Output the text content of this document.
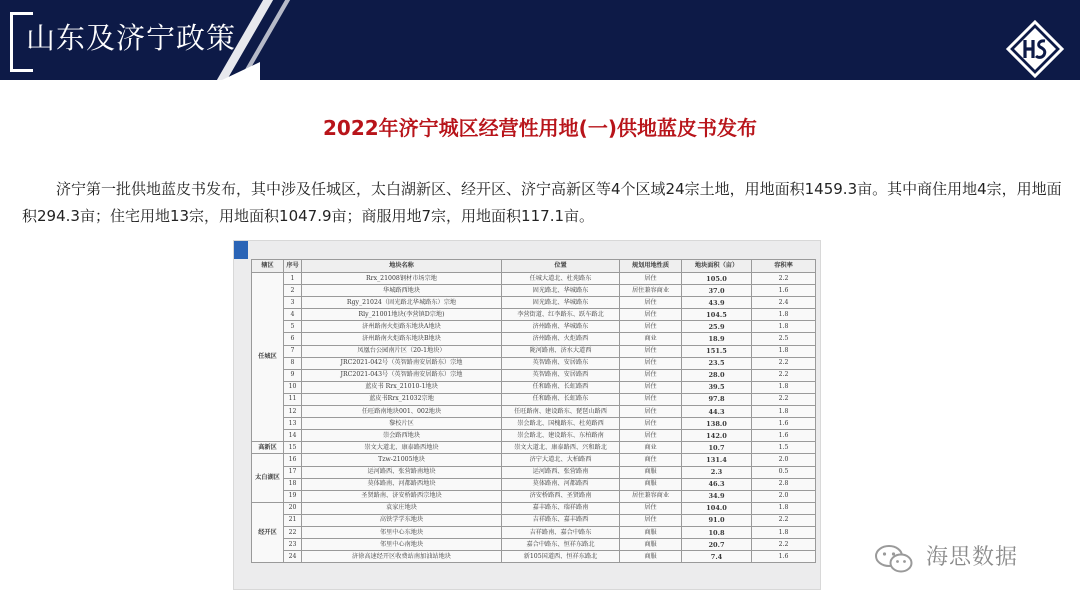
山东及济宁政策
2022年济宁城区经营性用地(一)供地蓝皮书发布
济宁第一批供地蓝皮书发布，其中涉及任城区，太白湖新区、经开区、济宁高新区等4个区域24宗土地，用地面积1459.3亩。其中商住用地4宗，用地面积294.3亩；住宅用地13宗，用地面积1047.9亩；商服用地7宗，用地面积117.1亩。
辖区	序号	地块名称	位置	规划用地性质	地块面积（亩）	容积率
任城区	1	Rrx_21008钢材市场宗地	任城大道北、杜苑路东	居住	105.0	2.2
	2	华城路西地块	固光路北、华城路东	居住兼容商业	37.0	1.6
	3	Rgy_21024（固光路北华城路东）宗地	固光路北、华城路东	居住	43.9	2.4
	4	Rly_21001地块(李营镇D宗地)	李营街道、红李路东、跃车路北	居住	104.5	1.8
	5	济州路南火炬路东地块A地块	济州路南、华城路东	居住	25.9	1.8
	6	济州路南火炬路东地块B地块	济州路南、火炬路西	商业	18.9	2.5
	7	凤凰台公园南片区（20-1地块）	陇河路南、济水大道西	居住	151.5	1.8
	8	JRC2021-042号（英智路南安居路东）宗地	英智路南、安居路东	居住	23.5	2.2
	9	JRC2021-043号（英智路南安居路东）宗地	英智路南、安居路西	居住	28.0	2.2
	10	蓝皮书 Rrx_21010-1地块	任和路南、长虹路西	居住	39.5	1.8
	11	蓝皮书Rrx_21032宗地	任和路南、长虹路东	居住	97.8	2.2
	12	任旺路南地块001、002地块	任旺路南、建设路东、琵琶山路西	居住	44.3	1.8
	13	黎校片区	崇会路北、国槐路东、杜苑路西	居住	138.0	1.6
	14	崇会路西地块	崇会路北、建设路东、东柏路南	居住	142.0	1.6
高新区	15	崇文大道北、康泰路西地块	崇文大道北、康泰路西、兴和路北	商业	10.7	1.5
太白湖区	16	Tzw-21005地块	济宁大道北、大柏路西	商住	131.4	2.0
	17	运河路西、张营路南地块	运河路西、张营路南	商服	2.3	0.5
	18	莫体路南、河都路西地块	莫体路南、河都路西	商服	46.3	2.8
	19	圣贤路南、济安桥路西宗地块	济安桥路西、圣贤路南	居住兼容商业	34.9	2.0
经开区	20	袁家庄地块	嘉丰路东、瑞祥路南	居住	104.0	1.8
	21	高铁学学东地块	吉祥路东、嘉丰路西	居住	91.0	2.2
	22	邻里中心东地块	吉祥路南、嘉合中路东	商服	10.8	1.8
	23	邻里中心南地块	嘉合中路东、恒祥东路北	商服	20.7	2.2
	24	济徐高速经开区收费站南加油站地块	新105国道西、恒祥东路北	商服	7.4	1.6	海思数据
